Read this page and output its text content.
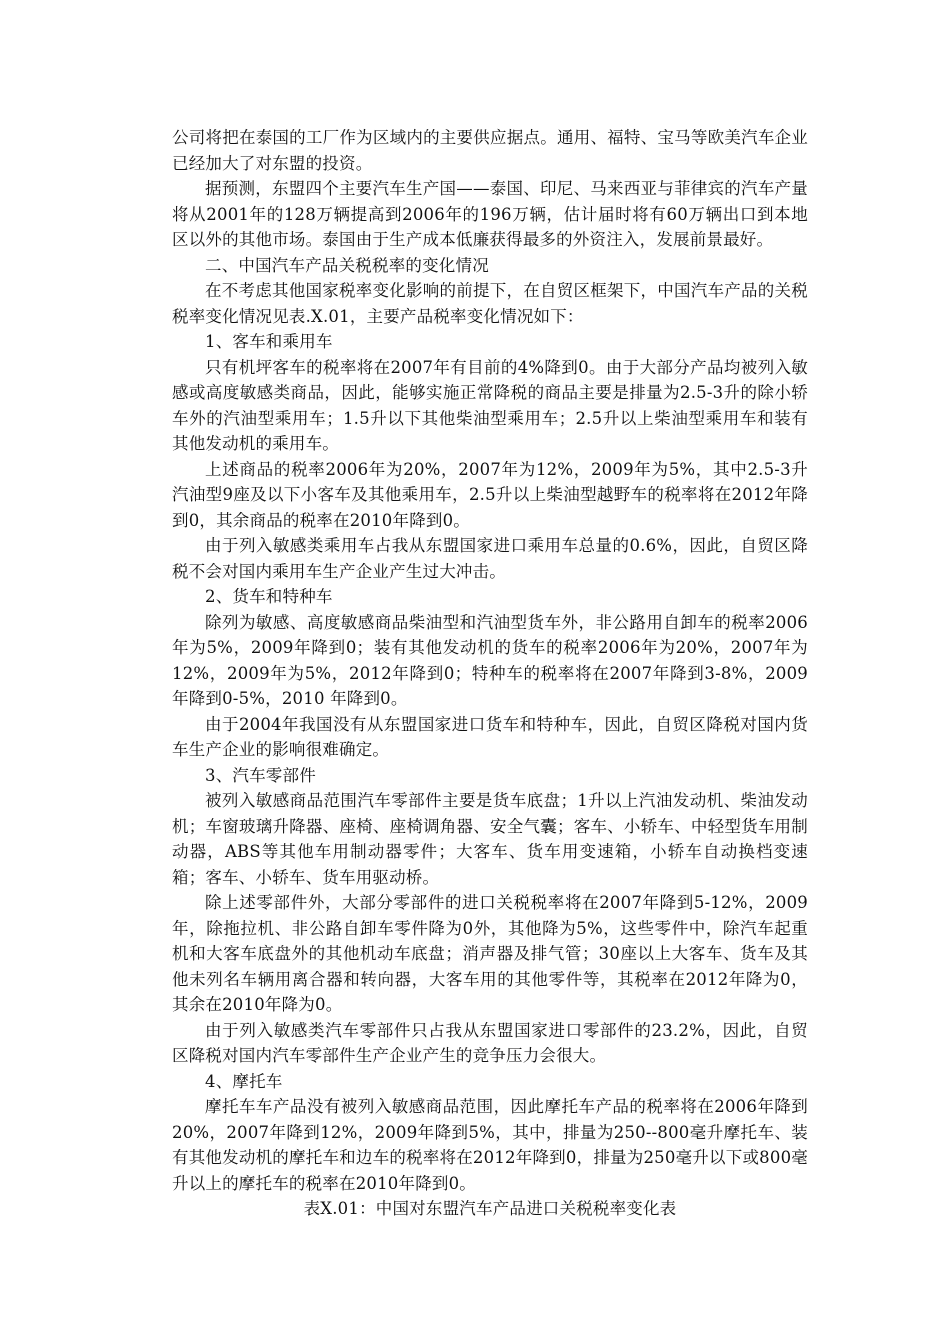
公司将把在泰国的工厂作为区域内的主要供应据点。通用、福特、宝马等欧美汽车企业已经加大了对东盟的投资。

据预测，东盟四个主要汽车生产国——泰国、印尼、马来西亚与菲律宾的汽车产量将从2001年的128万辆提高到2006年的196万辆，估计届时将有60万辆出口到本地区以外的其他市场。泰国由于生产成本低廉获得最多的外资注入，发展前景最好。

二、中国汽车产品关税税率的变化情况

在不考虑其他国家税率变化影响的前提下，在自贸区框架下，中国汽车产品的关税税率变化情况见表.X.01，主要产品税率变化情况如下：

1、客车和乘用车

只有机坪客车的税率将在2007年有目前的4%降到0。由于大部分产品均被列入敏感或高度敏感类商品，因此，能够实施正常降税的商品主要是排量为2.5-3升的除小轿车外的汽油型乘用车；1.5升以下其他柴油型乘用车；2.5升以上柴油型乘用车和装有其他发动机的乘用车。

上述商品的税率2006年为20%，2007年为12%，2009年为5%，其中2.5-3升汽油型9座及以下小客车及其他乘用车，2.5升以上柴油型越野车的税率将在2012年降到0，其余商品的税率在2010年降到0。

由于列入敏感类乘用车占我从东盟国家进口乘用车总量的0.6%，因此，自贸区降税不会对国内乘用车生产企业产生过大冲击。

2、货车和特种车

除列为敏感、高度敏感商品柴油型和汽油型货车外，非公路用自卸车的税率2006年为5%，2009年降到0；装有其他发动机的货车的税率2006年为20%，2007年为12%，2009年为5%，2012年降到0；特种车的税率将在2007年降到3-8%，2009年降到0-5%，2010 年降到0。

由于2004年我国没有从东盟国家进口货车和特种车，因此，自贸区降税对国内货车生产企业的影响很难确定。

3、汽车零部件

被列入敏感商品范围汽车零部件主要是货车底盘；1升以上汽油发动机、柴油发动机；车窗玻璃升降器、座椅、座椅调角器、安全气囊；客车、小轿车、中轻型货车用制动器，ABS等其他车用制动器零件；大客车、货车用变速箱，小轿车自动换档变速箱；客车、小轿车、货车用驱动桥。

除上述零部件外，大部分零部件的进口关税税率将在2007年降到5-12%，2009年，除拖拉机、非公路自卸车零件降为0外，其他降为5%，这些零件中，除汽车起重机和大客车底盘外的其他机动车底盘；消声器及排气管；30座以上大客车、货车及其他未列名车辆用离合器和转向器，大客车用的其他零件等，其税率在2012年降为0，其余在2010年降为0。

由于列入敏感类汽车零部件只占我从东盟国家进口零部件的23.2%，因此，自贸区降税对国内汽车零部件生产企业产生的竞争压力会很大。

4、摩托车

摩托车车产品没有被列入敏感商品范围，因此摩托车产品的税率将在2006年降到20%，2007年降到12%，2009年降到5%，其中，排量为250--800毫升摩托车、装有其他发动机的摩托车和边车的税率将在2012年降到0，排量为250毫升以下或800毫升以上的摩托车的税率在2010年降到0。

表X.01：中国对东盟汽车产品进口关税税率变化表
